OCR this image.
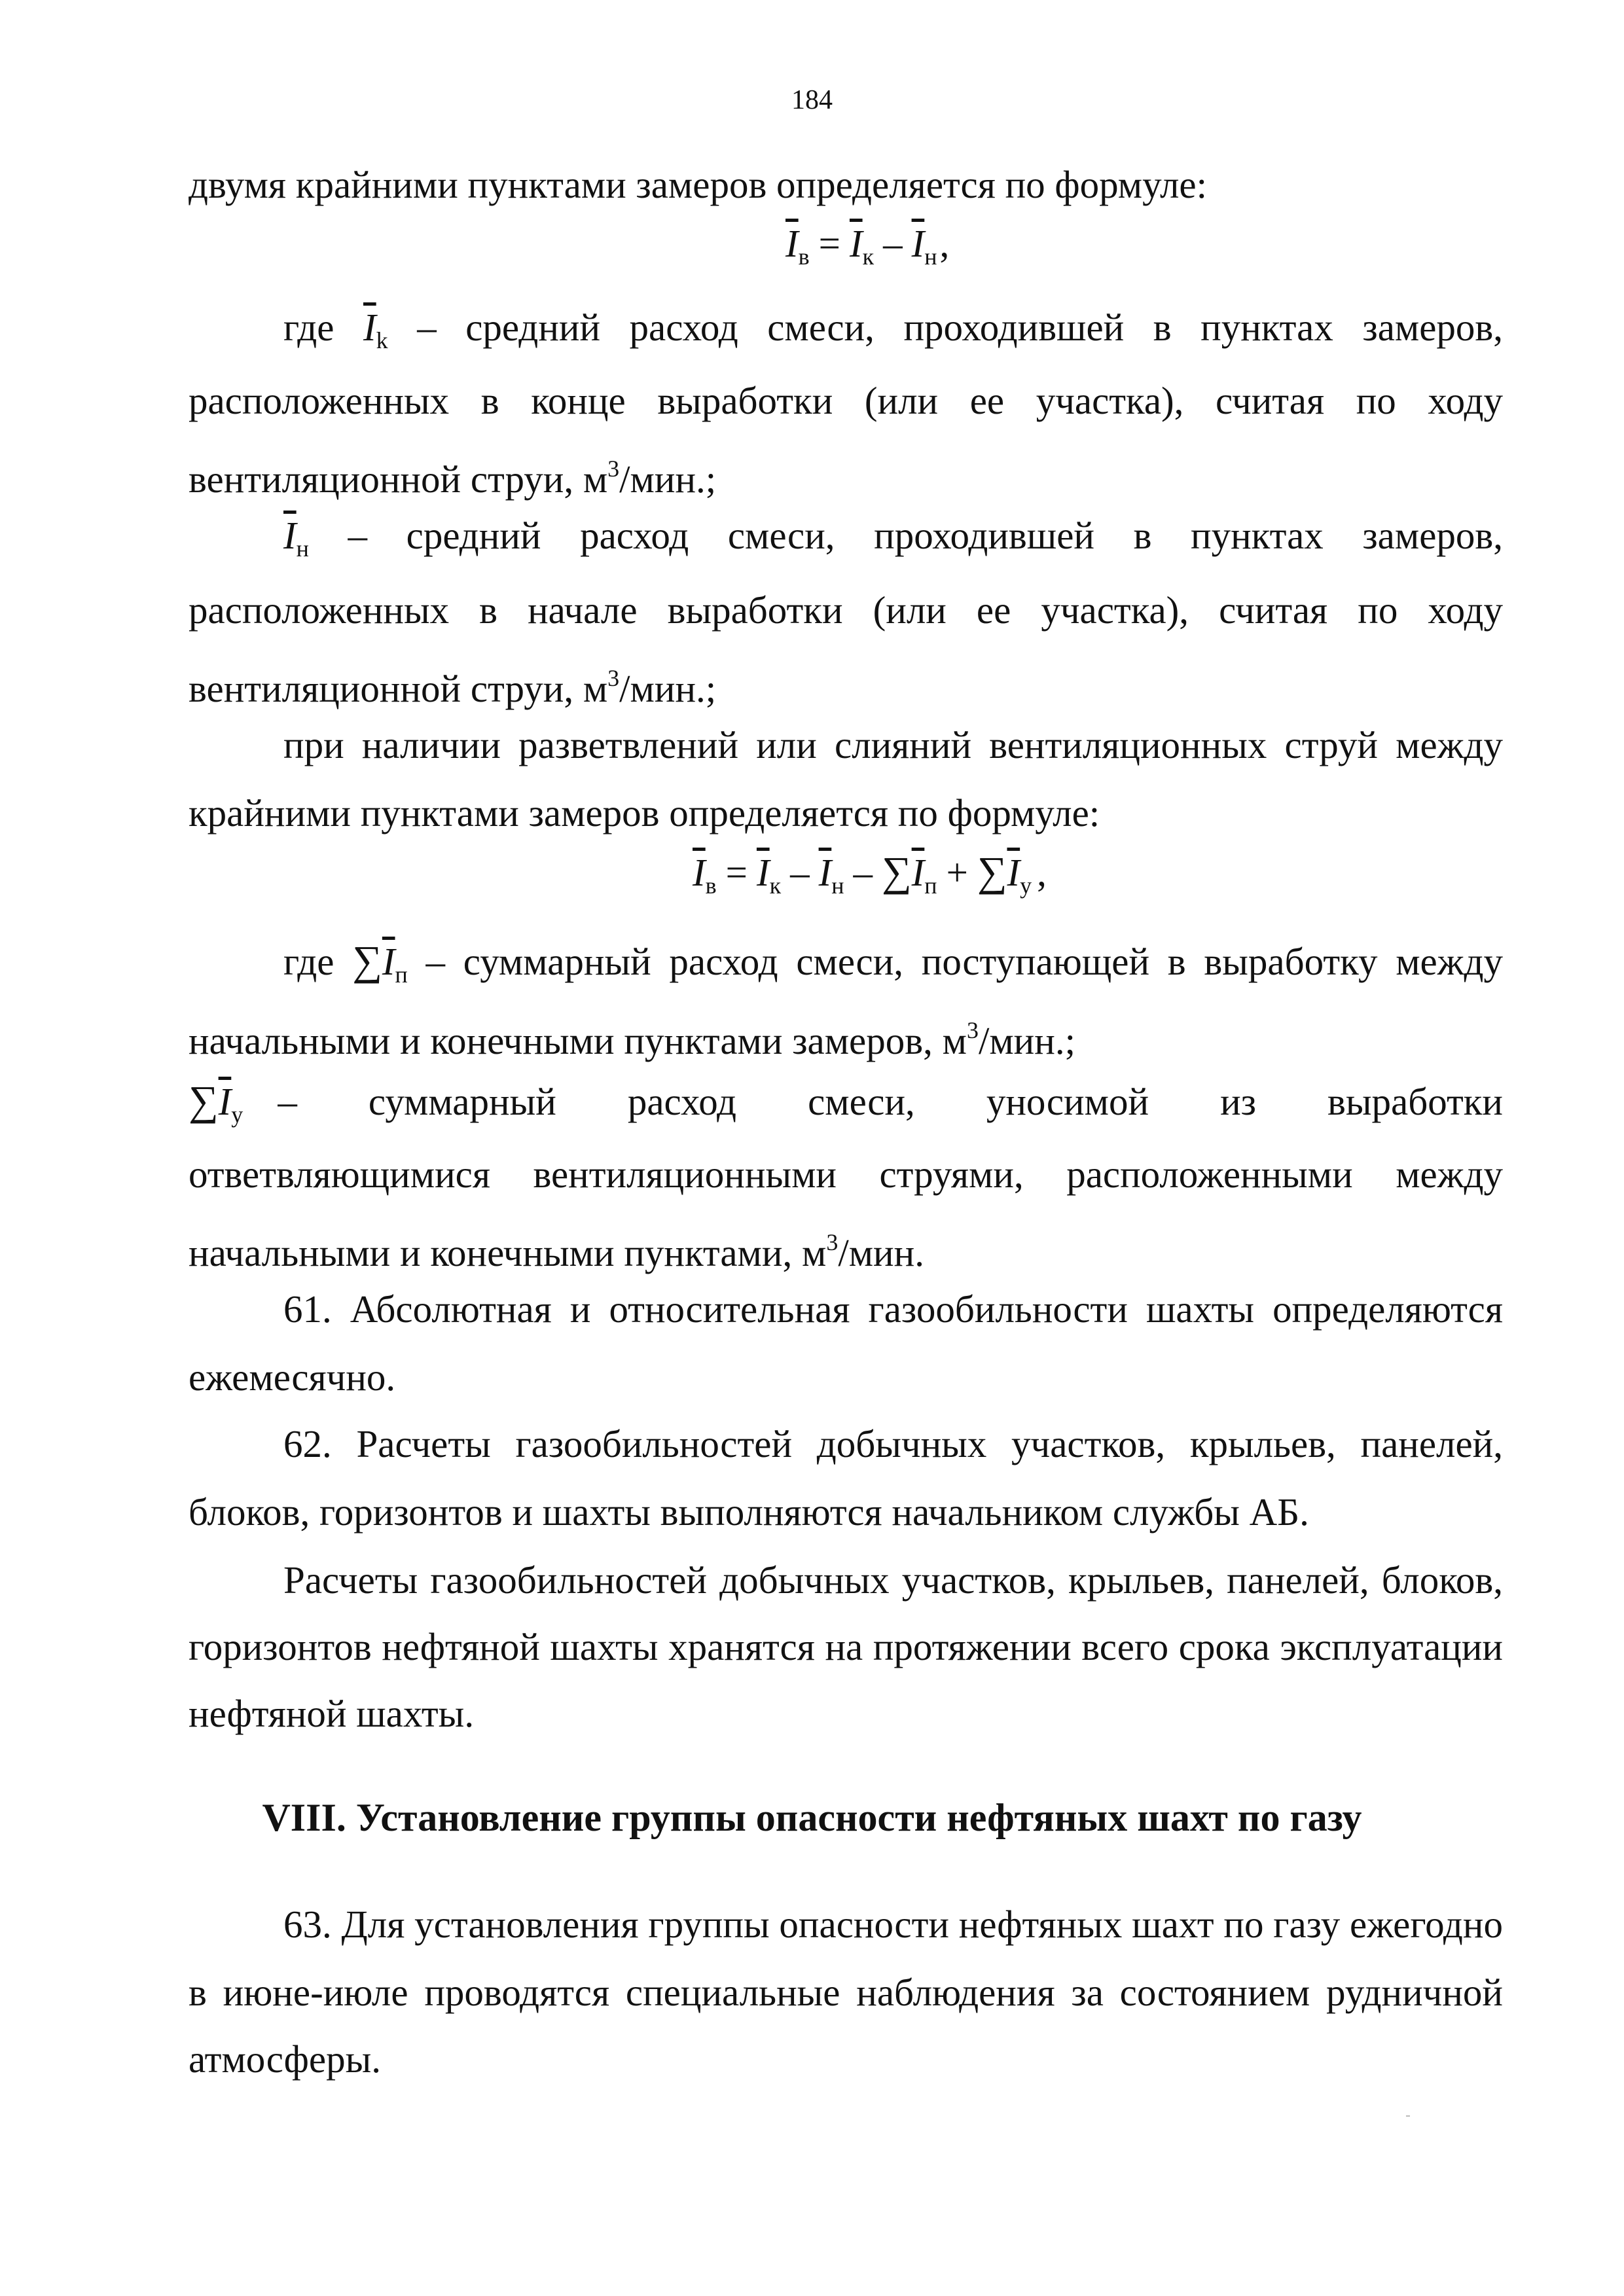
184
двумя крайними пунктами замеров определяется по формуле:
$\overline{I}_в = \overline{I}_к - \overline{I}_н$,
где $\overline{I}_k$ – средний расход смеси, проходившей в пунктах замеров,
расположенных в конце выработки (или ее участка), считая по ходу
вентиляционной струи, $м^3$/мин.;
$\overline{I}_н$ – средний расход смеси, проходившей в пунктах замеров,
расположенных в начале выработки (или ее участка), считая по ходу
вентиляционной струи, $м^3$/мин.;
при наличии разветвлений или слияний вентиляционных струй между
крайними пунктами замеров определяется по формуле:
$\overline{I}_в = \overline{I}_к - \overline{I}_н - \sum\overline{I}_п + \sum\overline{I}_у$ ,
где $\sum\overline{I}_п$ – суммарный расход смеси, поступающей в выработку между
начальными и конечными пунктами замеров, $м^3$/мин.;
$\sum\overline{I}_у$ – суммарный расход смеси, уносимой из выработки
ответвляющимися вентиляционными струями, расположенными между
начальными и конечными пунктами, $м^3$/мин.
61. Абсолютная и относительная газообильности шахты определяются
ежемесячно.
62. Расчеты газообильностей добычных участков, крыльев, панелей,
блоков, горизонтов и шахты выполняются начальником службы АБ.
Расчеты газообильностей добычных участков, крыльев, панелей, блоков,
горизонтов нефтяной шахты хранятся на протяжении всего срока эксплуатации
нефтяной шахты.
VIII. Установление группы опасности нефтяных шахт по газу
63. Для установления группы опасности нефтяных шахт по газу ежегодно
в июне-июле проводятся специальные наблюдения за состоянием рудничной
атмосферы.
